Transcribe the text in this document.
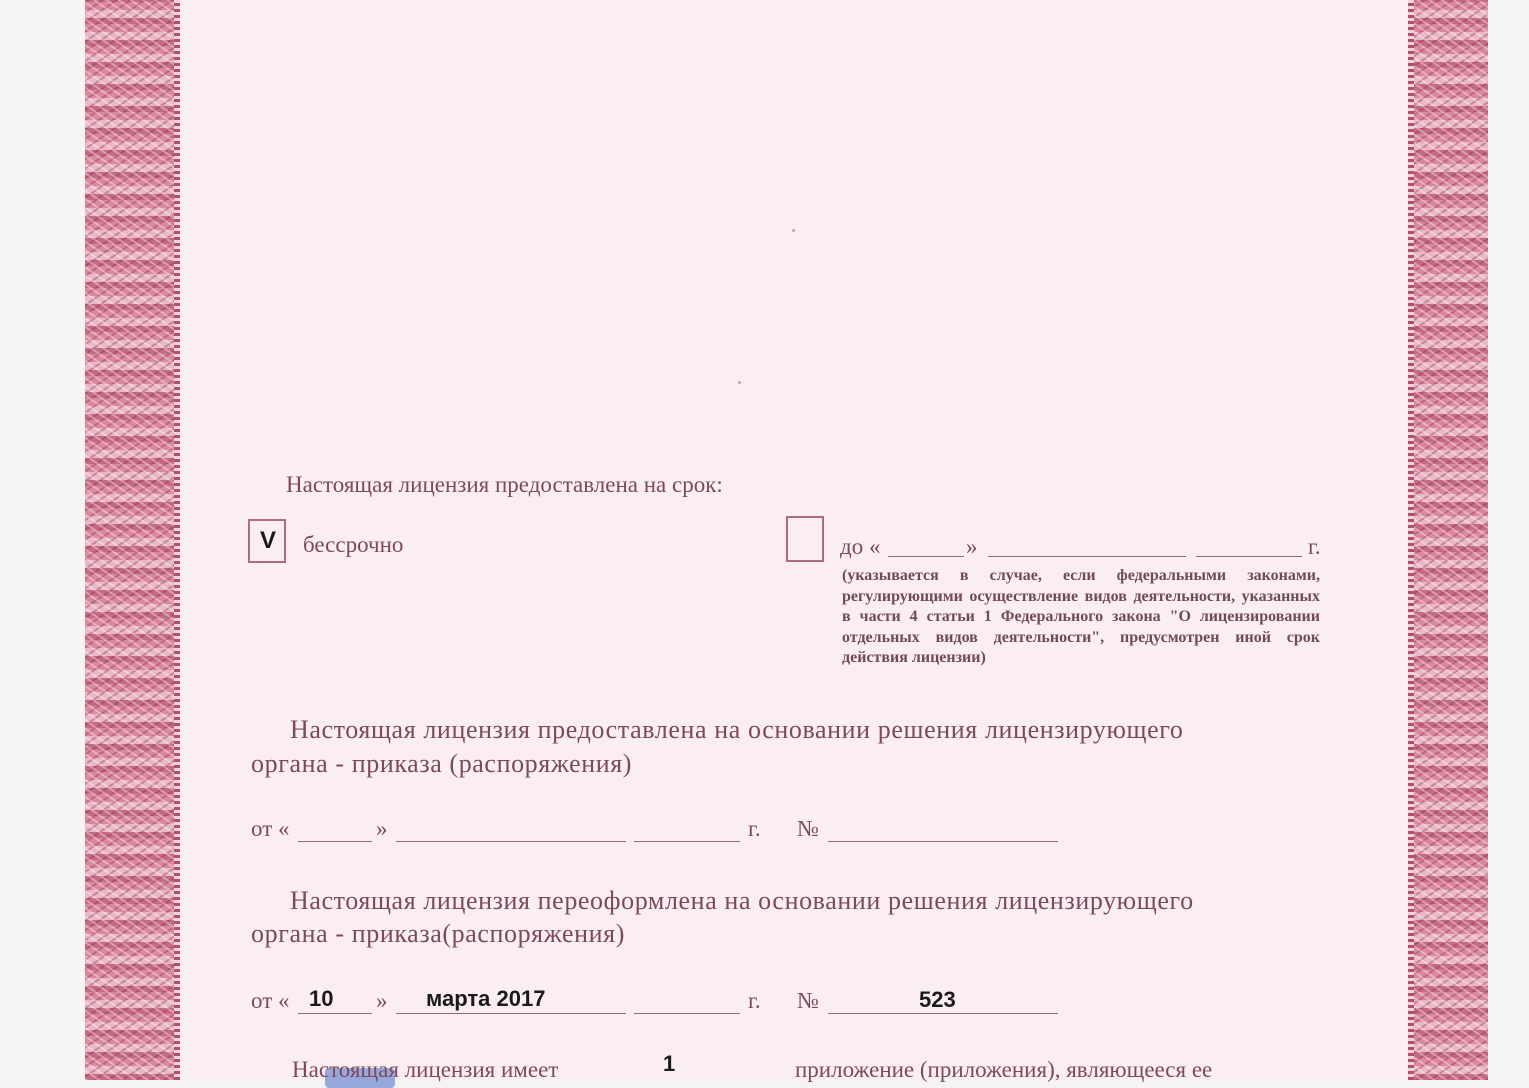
Настоящая лицензия предоставлена на срок:
V бессрочно	до «	»	г.
(указывается в случае, если федеральными законами, регулирующими осуществление видов деятельности, указанных в части 4 статьи 1 Федерального закона "О лицензировании отдельных видов деятельности", предусмотрен иной срок действия лицензии)
Настоящая лицензия предоставлена на основании решения лицензирующего
органа - приказа (распоряжения)
от «	»	г. №
Настоящая лицензия переоформлена на основании решения лицензирующего
органа - приказа(распоряжения)
от « 10 » марта 2017	г. №	523
Настоящая лицензия имеет	1	приложение (приложения), являющееся ее
